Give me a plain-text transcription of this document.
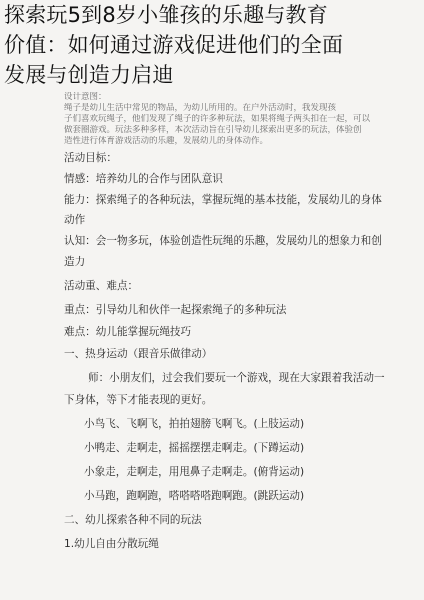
探索玩5到8岁小雏孩的乐趣与教育
价值：如何通过游戏促进他们的全面
发展与创造力启迪
设计意图：
绳子是幼儿生活中常见的物品，为幼儿所用的。在户外活动时，我发现孩
子们喜欢玩绳子，他们发现了绳子的许多种玩法，如果将绳子两头扣在一起，可以
做套圈游戏。玩法多种多样，本次活动旨在引导幼儿探索出更多的玩法，体验创
造性进行体育游戏活动的乐趣，发展幼儿的身体动作。
活动目标：
情感：培养幼儿的合作与团队意识
能力：探索绳子的各种玩法，掌握玩绳的基本技能，发展幼儿的身体
动作
认知：会一物多玩，体验创造性玩绳的乐趣，发展幼儿的想象力和创
造力
活动重、难点：
重点：引导幼儿和伙伴一起探索绳子的多种玩法
难点：幼儿能掌握玩绳技巧
一、热身运动（跟音乐做律动）
师：小朋友们，过会我们要玩一个游戏，现在大家跟着我活动一
下身体，等下才能表现的更好。
小鸟飞、飞啊飞，拍拍翅膀飞啊飞。(上肢运动)
小鸭走、走啊走，摇摇摆摆走啊走。(下蹲运动)
小象走，走啊走，用甩鼻子走啊走。(俯背运动)
小马跑，跑啊跑，嗒嗒嗒嗒跑啊跑。(跳跃运动)
二、幼儿探索各种不同的玩法
1.幼儿自由分散玩绳
